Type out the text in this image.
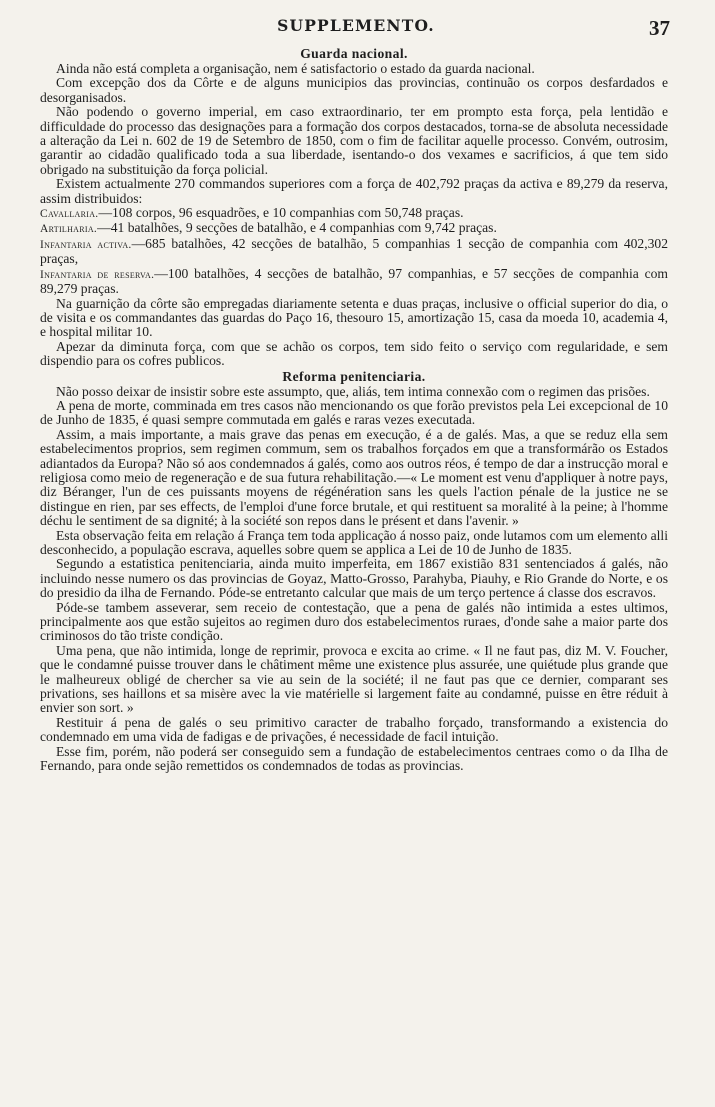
SUPPLEMENTO.	37
Guarda nacional.

Ainda não está completa a organisação, nem é satisfactorio o estado da guarda nacional.

Com excepção dos da Côrte e de alguns municipios das provincias, continuão os corpos desfardados e desorganisados.

Não podendo o governo imperial, em caso extraordinario, ter em prompto esta força, pela lentidão e difficuldade do processo das designações para a formação dos corpos destacados, torna-se de absoluta necessidade a alteração da Lei n. 602 de 19 de Setembro de 1850, com o fim de facilitar aquelle processo. Convém, outrosim, garantir ao cidadão qualificado toda a sua liberdade, isentando-o dos vexames e sacrificios, á que tem sido obrigado na substituição da força policial.

Existem actualmente 270 commandos superiores com a força de 402,792 praças da activa e 89,279 da reserva, assim distribuidos:

Cavallaria.—108 corpos, 96 esquadrões, e 10 companhias com 50,748 praças.

Artilharia.—41 batalhões, 9 secções de batalhão, e 4 companhias com 9,742 praças.

Infantaria activa.—685 batalhões, 42 secções de batalhão, 5 companhias 1 secção de companhia com 402,302 praças,

Infantaria de reserva.—100 batalhões, 4 secções de batalhão, 97 companhias, e 57 secções de companhia com 89,279 praças.

Na guarnição da côrte são empregadas diariamente setenta e duas praças, inclusive o official superior do dia, o de visita e os commandantes das guardas do Paço 16, thesouro 15, amortização 15, casa da moeda 10, academia 4, e hospital militar 10.

Apezar da diminuta força, com que se achão os corpos, tem sido feito o serviço com regularidade, e sem dispendio para os cofres publicos.

Reforma penitenciaria.

Não posso deixar de insistir sobre este assumpto, que, aliás, tem intima connexão com o regimen das prisões.

A pena de morte, comminada em tres casos não mencionando os que forão previstos pela Lei excepcional de 10 de Junho de 1835, é quasi sempre commutada em galés e raras vezes executada.

Assim, a mais importante, a mais grave das penas em execução, é a de galés. Mas, a que se reduz ella sem estabelecimentos proprios, sem regimen commum, sem os trabalhos forçados em que a transformárão os Estados adiantados da Europa? Não só aos condemnados á galés, como aos outros réos, é tempo de dar a instrucção moral e religiosa como meio de regeneração e de sua futura rehabilitação.—« Le moment est venu d'appliquer à notre pays, diz Béranger, l'un de ces puissants moyens de régénération sans les quels l'action pénale de la justice ne se distingue en rien, par ses effects, de l'emploi d'une force brutale, et qui restituent sa moralité à la peine; à l'homme déchu le sentiment de sa dignité; à la société son repos dans le présent et dans l'avenir. »

Esta observação feita em relação á França tem toda applicação á nosso paiz, onde lutamos com um elemento alli desconhecido, a população escrava, aquelles sobre quem se applica a Lei de 10 de Junho de 1835.

Segundo a estatistica penitenciaria, ainda muito imperfeita, em 1867 existião 831 sentenciados á galés, não incluindo nesse numero os das provincias de Goyaz, Matto-Grosso, Parahyba, Piauhy, e Rio Grande do Norte, e os do presidio da ilha de Fernando. Póde-se entretanto calcular que mais de um terço pertence á classe dos escravos.

Póde-se tambem asseverar, sem receio de contestação, que a pena de galés não intimida a estes ultimos, principalmente aos que estão sujeitos ao regimen duro dos estabelecimentos ruraes, d'onde sahe a maior parte dos criminosos do tão triste condição.

Uma pena, que não intimida, longe de reprimir, provoca e excita ao crime. « Il ne faut pas, diz M. V. Foucher, que le condamné puisse trouver dans le châtiment même une existence plus assurée, une quiétude plus grande que le malheureux obligé de chercher sa vie au sein de la société; il ne faut pas que ce dernier, comparant ses privations, ses haillons et sa misère avec la vie matérielle si largement faite au condamné, puisse en être réduit à envier son sort. »

Restituir á pena de galés o seu primitivo caracter de trabalho forçado, transformando a existencia do condemnado em uma vida de fadigas e de privações, é necessidade de facil intuição.

Esse fim, porém, não poderá ser conseguido sem a fundação de estabelecimentos centraes como o da Ilha de Fernando, para onde sejão remettidos os condemnados de todas as provincias.
